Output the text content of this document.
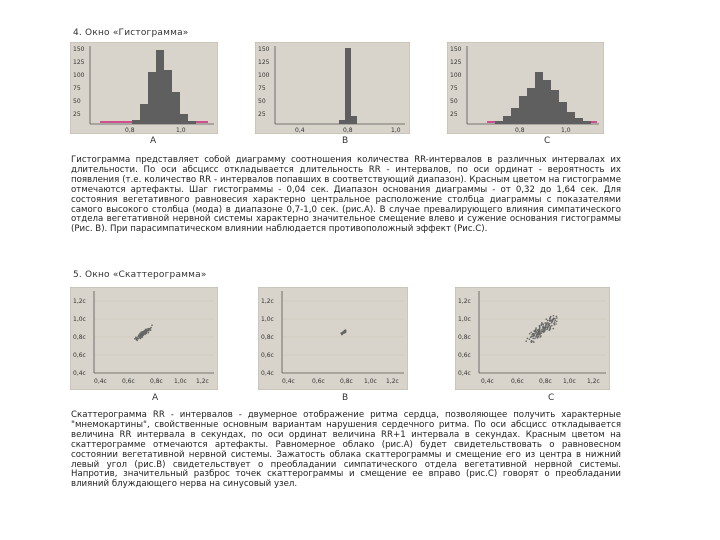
4. Окно «Гистограмма»
150
125
100
75
50
25
0,8	1,0
A
150
125
100
75
50
25
0,4	0,8	1,0
B
150
125
100
75
50
25
0,8	1,0
C
Гистограмма представляет собой диаграмму соотношения количества RR-интервалов в различных интервалах их длительности. По оси абсцисс откладывается длительность RR - интервалов, по оси ординат - вероятность их появления (т.е. количество RR - интервалов попавших в соответствующий диапазон). Красным цветом на гистограмме отмечаются артефакты. Шаг гистограммы - 0,04 сек. Диапазон основания диаграммы - от 0,32 до 1,64 сек. Для состояния вегетативного равновесия характерно центральное расположение столбца диаграммы с показателями самого высокого столбца (мода) в диапазоне 0,7-1,0 сек. (рис.А). В случае превалирующего влияния симпатического отдела вегетативной нервной системы характерно значительное смещение влево и сужение основания гистограммы (Рис. В). При парасимпатическом влиянии наблюдается противоположный эффект (Рис.С).
5. Окно «Скаттерограмма»
1,2c
1,0c
0,8c
0,6c
0,4c
0,4c	0,6c	0,8c 1,0c 1,2c
A
1,2c
1,0c
0,8c
0,6c
0,4c
0,4c	0,6c	0,8c 1,0c 1,2c
B
1,2c
1,0c
0,8c
0,6c
0,4c
0,4c	0,6c	0,8c 1,0c 1,2c
C
Скаттерограмма RR - интервалов - двумерное отображение ритма сердца, позволяющее получить характерные "мнемокартины", свойственные основным вариантам нарушения сердечного ритма. По оси абсцисс откладывается величина RR интервала в секундах, по оси ординат величина RR+1 интервала в секундах. Красным цветом на скаттерограмме отмечаются артефакты. Равномерное облако (рис.А) будет свидетельствовать о равновесном состоянии вегетативной нервной системы. Зажатость облака скаттерограммы и смещение его из центра в нижний левый угол (рис.В) свидетельствует о преобладании симпатического отдела вегетативной нервной системы. Напротив, значительный разброс точек скаттерограммы и смещение ее вправо (рис.С) говорят о преобладании влияний блуждающего нерва на синусовый узел.
